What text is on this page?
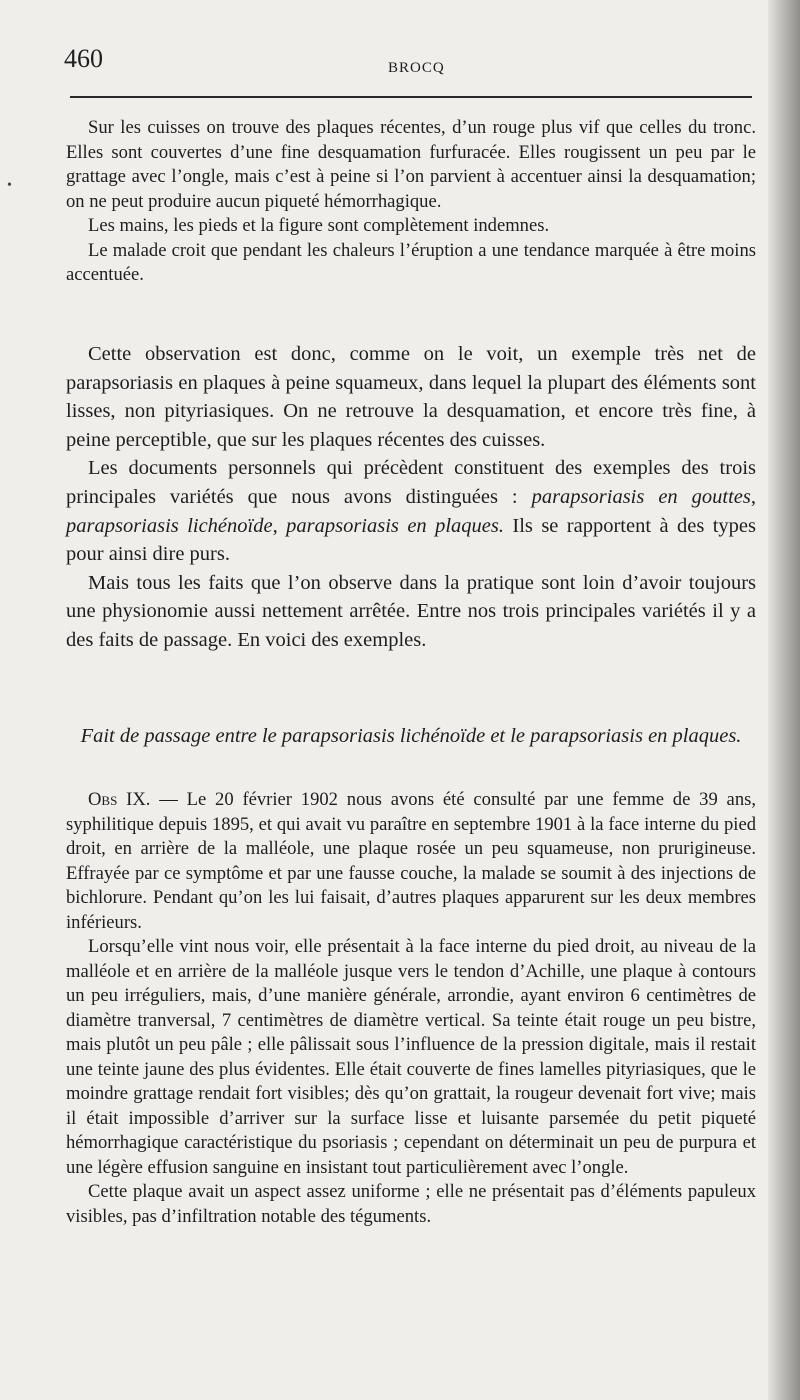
460	BROCQ
•

Sur les cuisses on trouve des plaques récentes, d’un rouge plus vif que celles du tronc. Elles sont couvertes d’une fine desquamation furfuracée. Elles rougissent un peu par le grattage avec l’ongle, mais c’est à peine si l’on parvient à accentuer ainsi la desquamation; on ne peut produire aucun piqueté hémorrhagique.

Les mains, les pieds et la figure sont complètement indemnes.

Le malade croit que pendant les chaleurs l’éruption a une tendance marquée à être moins accentuée.

Cette observation est donc, comme on le voit, un exemple très net de parapsoriasis en plaques à peine squameux, dans lequel la plupart des éléments sont lisses, non pityriasiques. On ne retrouve la desquamation, et encore très fine, à peine perceptible, que sur les plaques récentes des cuisses.

Les documents personnels qui précèdent constituent des exemples des trois principales variétés que nous avons distinguées : parapsoriasis en gouttes, parapsoriasis lichénoïde, parapsoriasis en plaques. Ils se rapportent à des types pour ainsi dire purs.

Mais tous les faits que l’on observe dans la pratique sont loin d’avoir toujours une physionomie aussi nettement arrêtée. Entre nos trois principales variétés il y a des faits de passage. En voici des exemples.

Fait de passage entre le parapsoriasis lichénoïde et le parapsoriasis en plaques.

Obs IX. — Le 20 février 1902 nous avons été consulté par une femme de 39 ans, syphilitique depuis 1895, et qui avait vu paraître en septembre 1901 à la face interne du pied droit, en arrière de la malléole, une plaque rosée un peu squameuse, non prurigineuse. Effrayée par ce symptôme et par une fausse couche, la malade se soumit à des injections de bichlorure. Pendant qu’on les lui faisait, d’autres plaques apparurent sur les deux membres inférieurs.

Lorsqu’elle vint nous voir, elle présentait à la face interne du pied droit, au niveau de la malléole et en arrière de la malléole jusque vers le tendon d’Achille, une plaque à contours un peu irréguliers, mais, d’une manière générale, arrondie, ayant environ 6 centimètres de diamètre tranversal, 7 centimètres de diamètre vertical. Sa teinte était rouge un peu bistre, mais plutôt un peu pâle ; elle pâlissait sous l’influence de la pression digitale, mais il restait une teinte jaune des plus évidentes. Elle était couverte de fines lamelles pityriasiques, que le moindre grattage rendait fort visibles; dès qu’on grattait, la rougeur devenait fort vive; mais il était impossible d’arriver sur la surface lisse et luisante parsemée du petit piqueté hémorrhagique caractéristique du psoriasis ; cependant on déterminait un peu de purpura et une légère effusion sanguine en insistant tout particulièrement avec l’ongle.

Cette plaque avait un aspect assez uniforme ; elle ne présentait pas d’éléments papuleux visibles, pas d’infiltration notable des téguments.
